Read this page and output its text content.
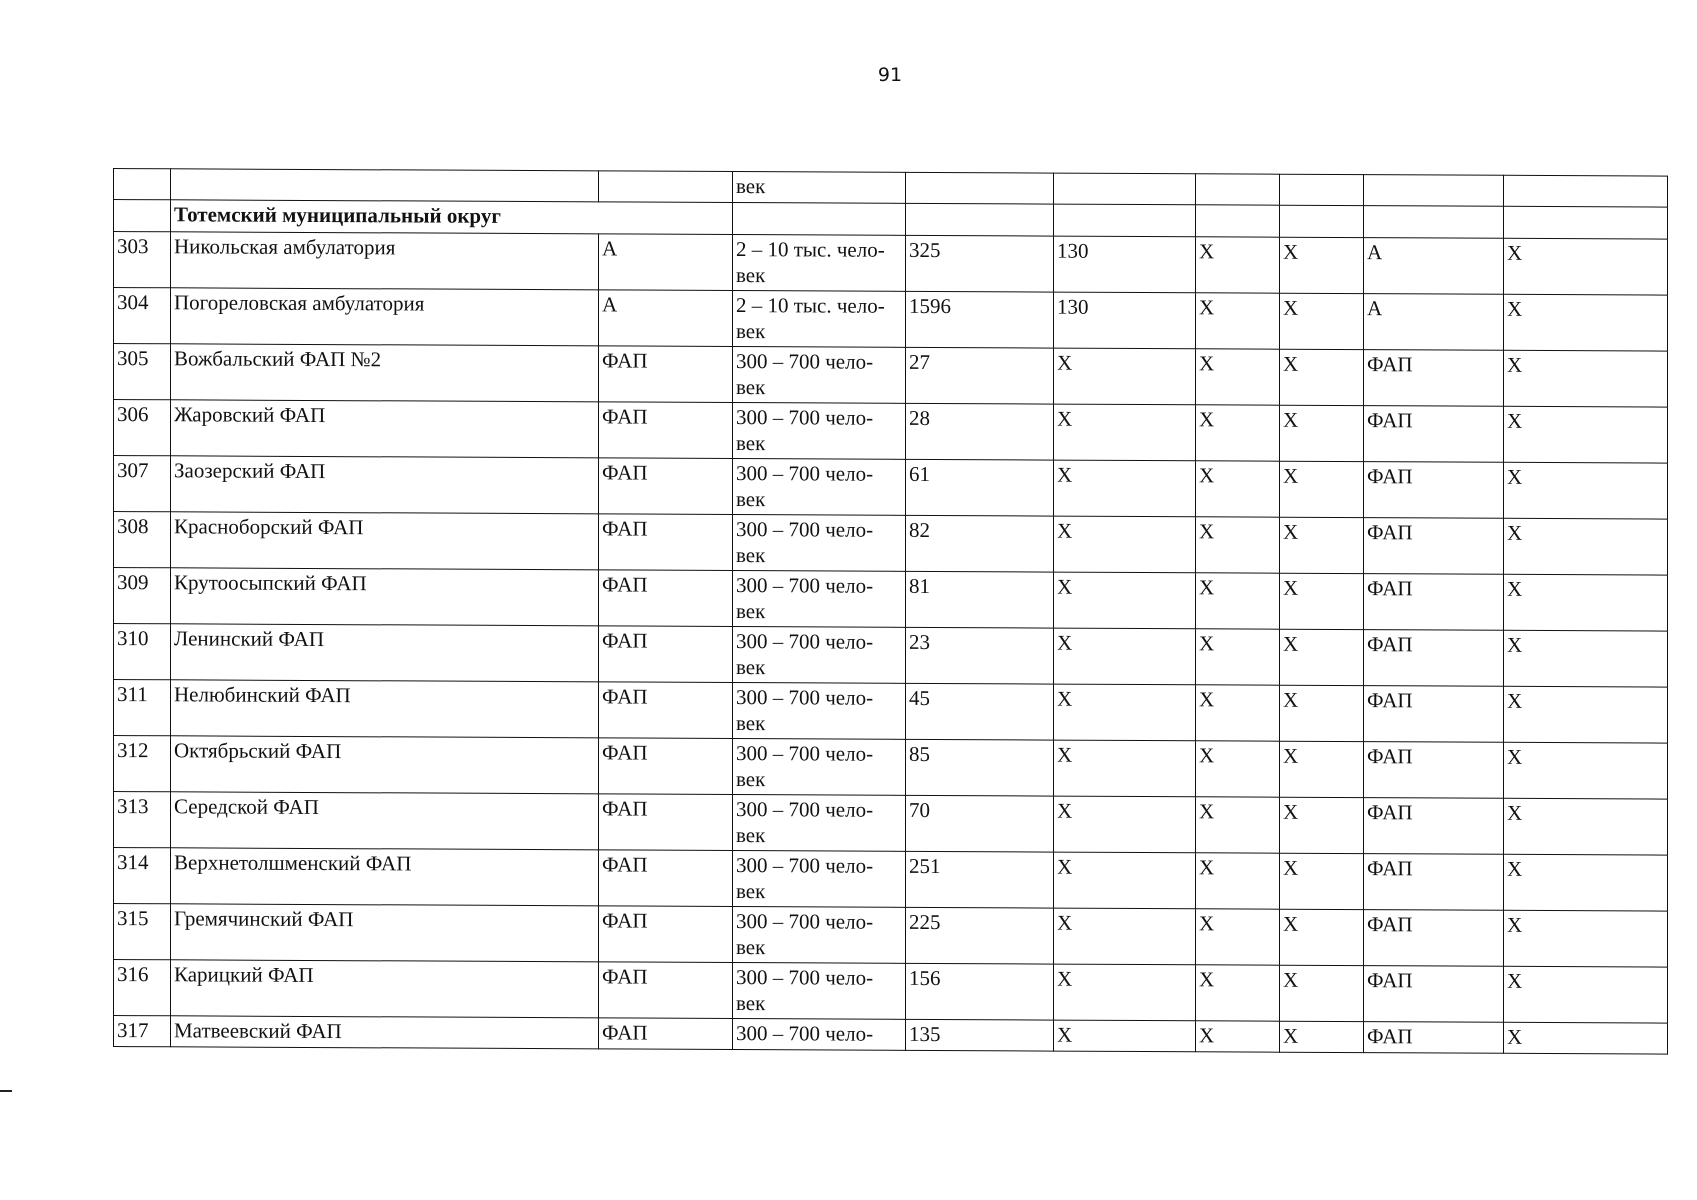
91
			век						
	Тотемский муниципальный округ								
303	Никольская амбулатория	А	2 – 10 тыс. чело-век	325	130	Х	Х	А	Х
304	Погореловская амбулатория	А	2 – 10 тыс. чело-век	1596	130	Х	Х	А	Х
305	Вожбальский ФАП №2	ФАП	300 – 700 чело-век	27	Х	Х	Х	ФАП	Х
306	Жаровский ФАП	ФАП	300 – 700 чело-век	28	Х	Х	Х	ФАП	Х
307	Заозерский ФАП	ФАП	300 – 700 чело-век	61	Х	Х	Х	ФАП	Х
308	Красноборский ФАП	ФАП	300 – 700 чело-век	82	Х	Х	Х	ФАП	Х
309	Крутоосыпский ФАП	ФАП	300 – 700 чело-век	81	Х	Х	Х	ФАП	Х
310	Ленинский ФАП	ФАП	300 – 700 чело-век	23	Х	Х	Х	ФАП	Х
311	Нелюбинский ФАП	ФАП	300 – 700 чело-век	45	Х	Х	Х	ФАП	Х
312	Октябрьский ФАП	ФАП	300 – 700 чело-век	85	Х	Х	Х	ФАП	Х
313	Середской ФАП	ФАП	300 – 700 чело-век	70	Х	Х	Х	ФАП	Х
314	Верхнетолшменский ФАП	ФАП	300 – 700 чело-век	251	Х	Х	Х	ФАП	Х
315	Гремячинский ФАП	ФАП	300 – 700 чело-век	225	Х	Х	Х	ФАП	Х
316	Карицкий ФАП	ФАП	300 – 700 чело-век	156	Х	Х	Х	ФАП	Х
317	Матвеевский ФАП	ФАП	300 – 700 чело-	135	Х	Х	Х	ФАП	Х
